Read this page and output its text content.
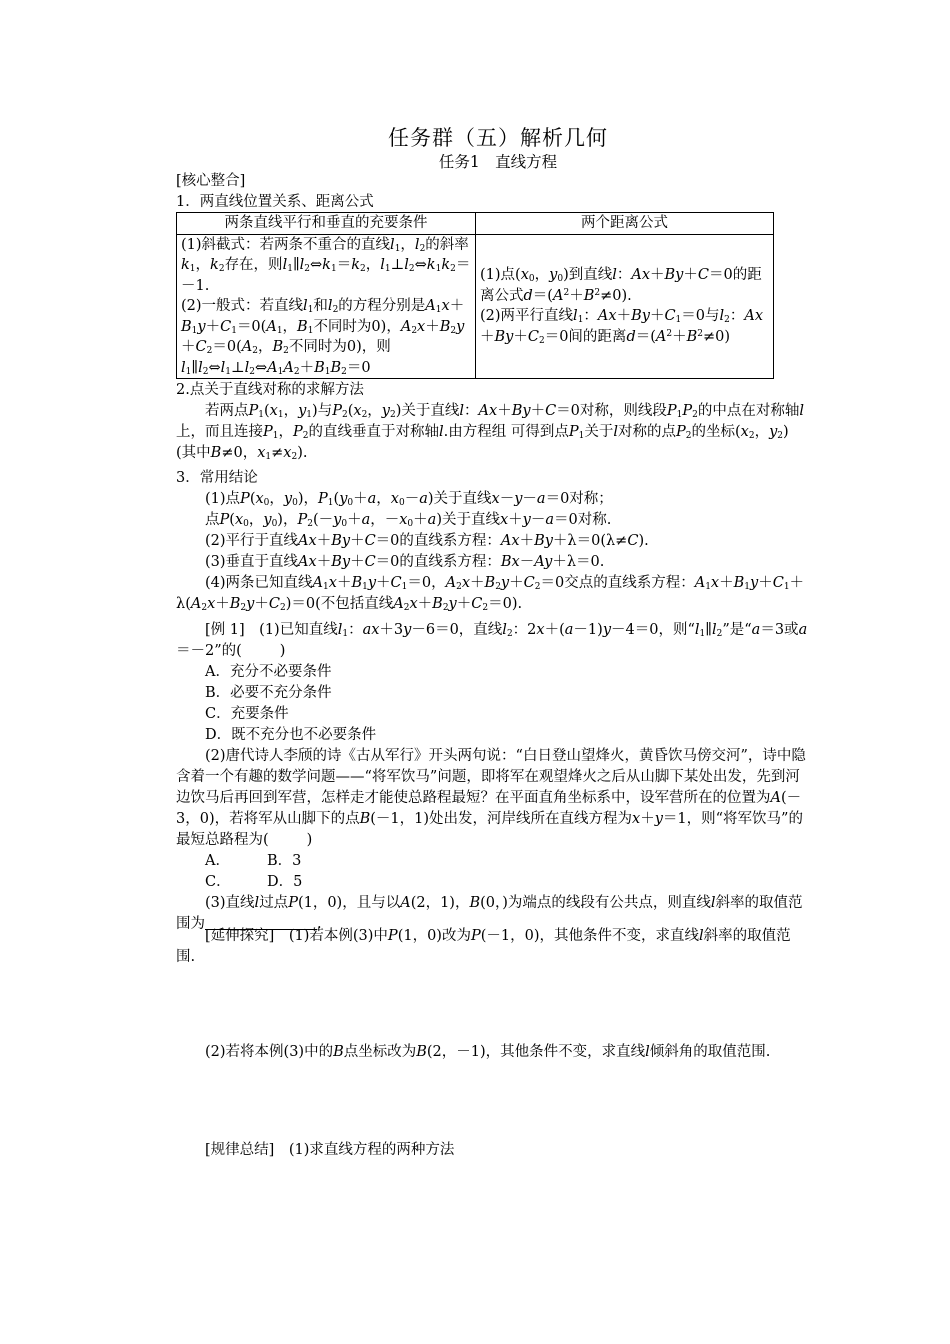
任务群（五）解析几何
任务1　直线方程
[核心整合]
1．两直线位置关系、距离公式
两条直线平行和垂直的充要条件	两个距离公式
(1)斜截式：若两条不重合的直线$l_1$，$l_2$的斜率$k_1$，$k_2$存在，则$l_1\parallel l_2\Leftrightarrow k_1=k_2$，$l_1\perp l_2\Leftrightarrow k_1k_2=-1$.
(2)一般式：若直线$l_1$和$l_2$的方程分别是$A_1x+B_1y+C_1=0(A_1$，$B_1$不同时为0)，$A_2x+B_2y+C_2=0(A_2$，$B_2$不同时为0)，则$l_1\parallel l_2\Leftrightarrow l_1\perp l_2\Leftrightarrow A_1A_2+B_1B_2=0$	(1)点($x_0$，$y_0$)到直线l：Ax＋By＋C＝0的距离公式$d=(A^2+B^2\ne 0)$.
(2)两平行直线$l_1$：$Ax+By+C_1=0$与$l_2$：$Ax+By+C_2=0$间的距离$d=(A^2+B^2\ne 0)$
2.点关于直线对称的求解方法

若两点$P_1(x_1$，$y_1$)与$P_2(x_2$，$y_2$)关于直线l：Ax＋By＋C＝0对称，则线段$P_1P_2$的中点在对称轴l上，而且连接$P_1$，$P_2$的直线垂直于对称轴l.由方程组 可得到点$P_1$关于l对称的点$P_2$的坐标($x_2$，$y_2$)(其中B≠0，$x_1\ne x_2$).

3．常用结论

(1)点$P(x_0$，$y_0$)，$P_1(y_0+a$，$x_0-a$)关于直线x－y－a＝0对称；

点$P(x_0$，$y_0$)，$P_2(-y_0+a$，$-x_0+a$)关于直线x＋y－a＝0对称.

(2)平行于直线Ax＋By＋C＝0的直线系方程：Ax＋By＋λ＝0(λ≠C).

(3)垂直于直线Ax＋By＋C＝0的直线系方程：Bx－Ay＋λ＝0.

(4)两条已知直线$A_1x+B_1y+C_1=0$，$A_2x+B_2y+C_2=0$交点的直线系方程：$A_1x+B_1y+C_1+\lambda(A_2x+B_2y+C_2)=0$(不包括直线$A_2x+B_2y+C_2=0$).

[例 1]　(1)已知直线$l_1$：ax＋3y－6＝0，直线$l_2$：2x＋(a－1)y－4＝0，则“$l_1\parallel l_2$”是“a＝3或a＝－2”的(	)

A．充分不必要条件

B．必要不充分条件

C．充要条件

D．既不充分也不必要条件

(2)唐代诗人李颀的诗《古从军行》开头两句说：“白日登山望烽火，黄昏饮马傍交河”，诗中隐含着一个有趣的数学问题——“将军饮马”问题，即将军在观望烽火之后从山脚下某处出发，先到河边饮马后再回到军营，怎样走才能使总路程最短？在平面直角坐标系中，设军营所在的位置为A(－3，0)，若将军从山脚下的点B(－1，1)处出发，河岸线所在直线方程为x＋y＝1，则“将军饮马”的最短总路程为(	)

A．	B．3

C．	D．5

(3)直线l过点P(1，0)，且与以A(2，1)，B(0，)为端点的线段有公共点，则直线l斜率的取值范围为	.

[延伸探究]　(1)若本例(3)中P(1，0)改为P(－1，0)，其他条件不变，求直线l斜率的取值范围.

(2)若将本例(3)中的B点坐标改为B(2，－1)，其他条件不变，求直线l倾斜角的取值范围.

[规律总结]　 (1)求直线方程的两种方法
